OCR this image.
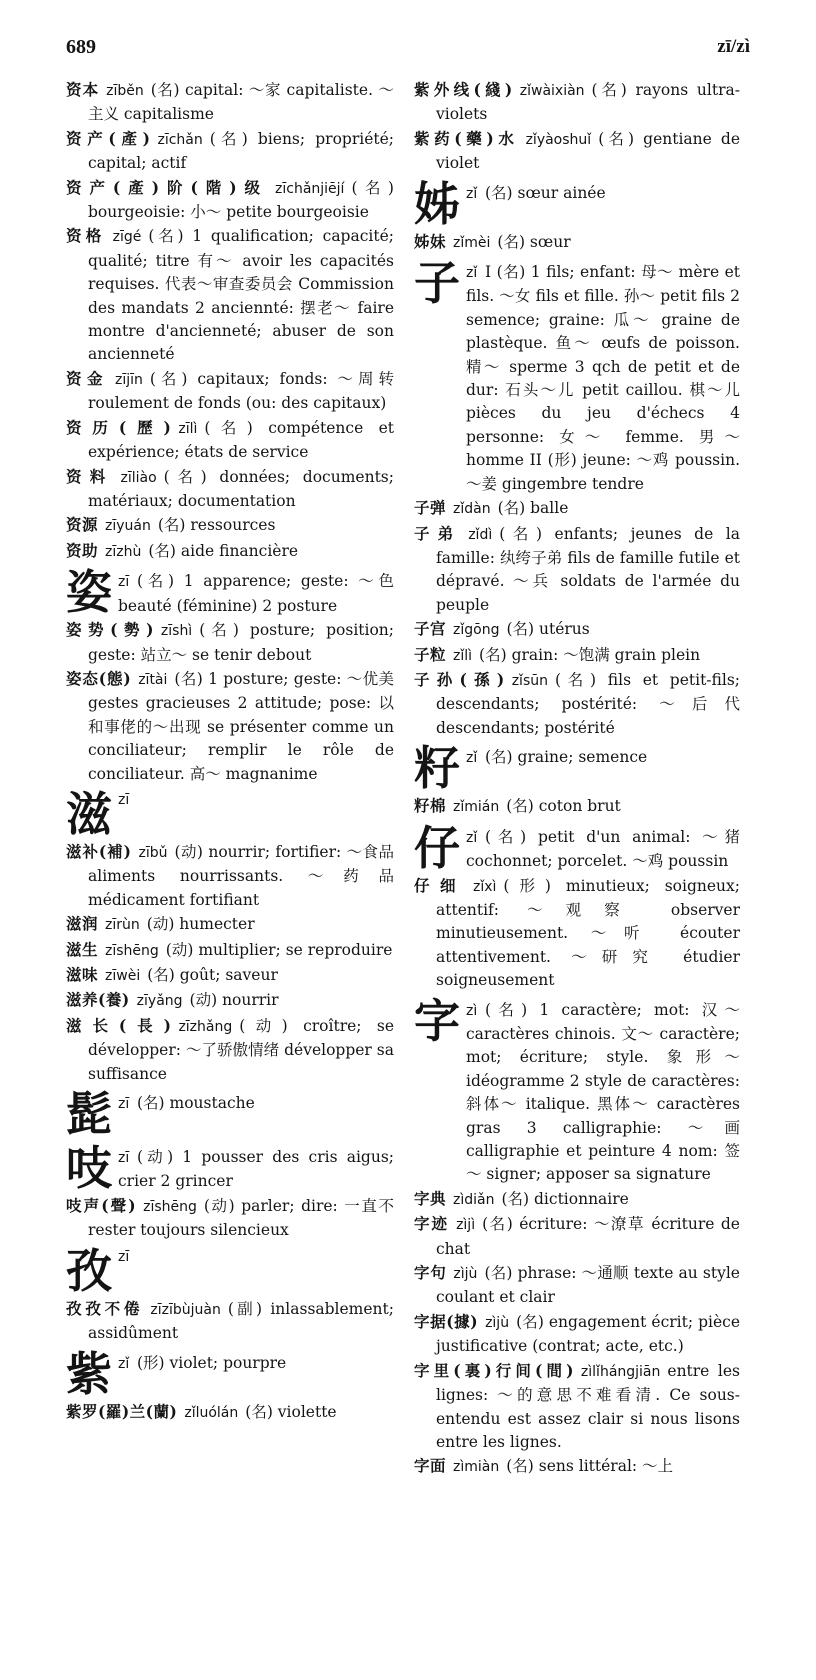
689	zī/zì
资本 zīběn (名) capital: ～家 capitaliste. ～主义 capitalisme
资产(產) zīchǎn (名) biens; propriété; capital; actif
资产(產)阶(階)级 zīchǎnjiējí (名) bourgeoisie: 小～ petite bourgeoisie
资格 zīgé (名) 1 qualification; capacité; qualité; titre 有～ avoir les capacités requises. 代表～审查委员会 Commission des mandats 2 anciennté: 摆老～ faire montre d'ancienneté; abuser de son ancienneté
资金 zījīn (名) capitaux; fonds: ～周转 roulement de fonds (ou: des capitaux)
资历(歷) zīlì (名) compétence et expérience; états de service
资料 zīliào (名) données; documents; matériaux; documentation
资源 zīyuán (名) ressources
资助 zīzhù (名) aide financière
姿 zī (名) 1 apparence; geste: ～色 beauté (féminine) 2 posture
姿势(勢) zīshì (名) posture; position; geste: 站立～ se tenir debout
姿态(態) zītài (名) 1 posture; geste: ～优美 gestes gracieuses 2 attitude; pose: 以和事佬的～出现 se présenter comme un conciliateur; remplir le rôle de conciliateur. 高～ magnanime
滋 zī
滋补(補) zībǔ (动) nourrir; fortifier: ～食品 aliments nourrissants. ～药品 médicament fortifiant
滋润 zīrùn (动) humecter
滋生 zīshēng (动) multiplier; se reproduire
滋味 zīwèi (名) goût; saveur
滋养(養) zīyǎng (动) nourrir
滋长(長) zīzhǎng (动) croître; se développer: ～了骄傲情绪 développer sa suffisance
髭 zī (名) moustache
吱 zī (动) 1 pousser des cris aigus; crier 2 grincer
吱声(聲) zīshēng (动) parler; dire: 一直不 rester toujours silencieux
孜 zī
孜孜不倦 zīzībùjuàn (副) inlassablement; assidûment
紫 zǐ (形) violet; pourpre
紫罗(羅)兰(蘭) zǐluólán (名) violette
紫外线(綫) zǐwàixiàn (名) rayons ultra-violets
紫药(藥)水 zǐyàoshuǐ (名) gentiane de violet
姊 zǐ (名) sœur ainée
姊妹 zǐmèi (名) sœur
子 zǐ I (名) 1 fils; enfant: 母～ mère et fils. ～女 fils et fille. 孙～ petit fils 2 semence; graine: 瓜～ graine de plastèque. 鱼～ œufs de poisson. 精～ sperme 3 qch de petit et de dur: 石头～儿 petit caillou. 棋～儿 pièces du jeu d'échecs 4 personne: 女～ femme. 男～ homme II (形) jeune: ～鸡 poussin. ～姜 gingembre tendre
子弹 zǐdàn (名) balle
子弟 zǐdì (名) enfants; jeunes de la famille: 纨绔子弟 fils de famille futile et dépravé. ～兵 soldats de l'armée du peuple
子宫 zǐgōng (名) utérus
子粒 zǐlì (名) grain: ～饱满 grain plein
子孙(孫) zǐsūn (名) fils et petit-fils; descendants; postérité: ～后代 descendants; postérité
籽 zǐ (名) graine; semence
籽棉 zǐmián (名) coton brut
仔 zǐ (名) petit d'un animal: ～猪 cochonnet; porcelet. ～鸡 poussin
仔细 zǐxì (形) minutieux; soigneux; attentif: ～观察 observer minutieusement. ～听 écouter attentivement. ～研究 étudier soigneusement
字 zì (名) 1 caractère; mot: 汉～ caractères chinois. 文～ caractère; mot; écriture; style. 象形～ idéogramme 2 style de caractères: 斜体～ italique. 黑体～ caractères gras 3 calligraphie: ～画 calligraphie et peinture 4 nom: 签～ signer; apposer sa signature
字典 zìdiǎn (名) dictionnaire
字迹 zìjì (名) écriture: ～潦草 écriture de chat
字句 zìjù (名) phrase: ～通顺 texte au style coulant et clair
字据(據) zìjù (名) engagement écrit; pièce justificative (contrat; acte, etc.)
字里(裏)行间(間) zìlǐhángjiān entre les lignes: ～的意思不难看清. Ce sous-entendu est assez clair si nous lisons entre les lignes.
字面 zìmiàn (名) sens littéral: ～上
